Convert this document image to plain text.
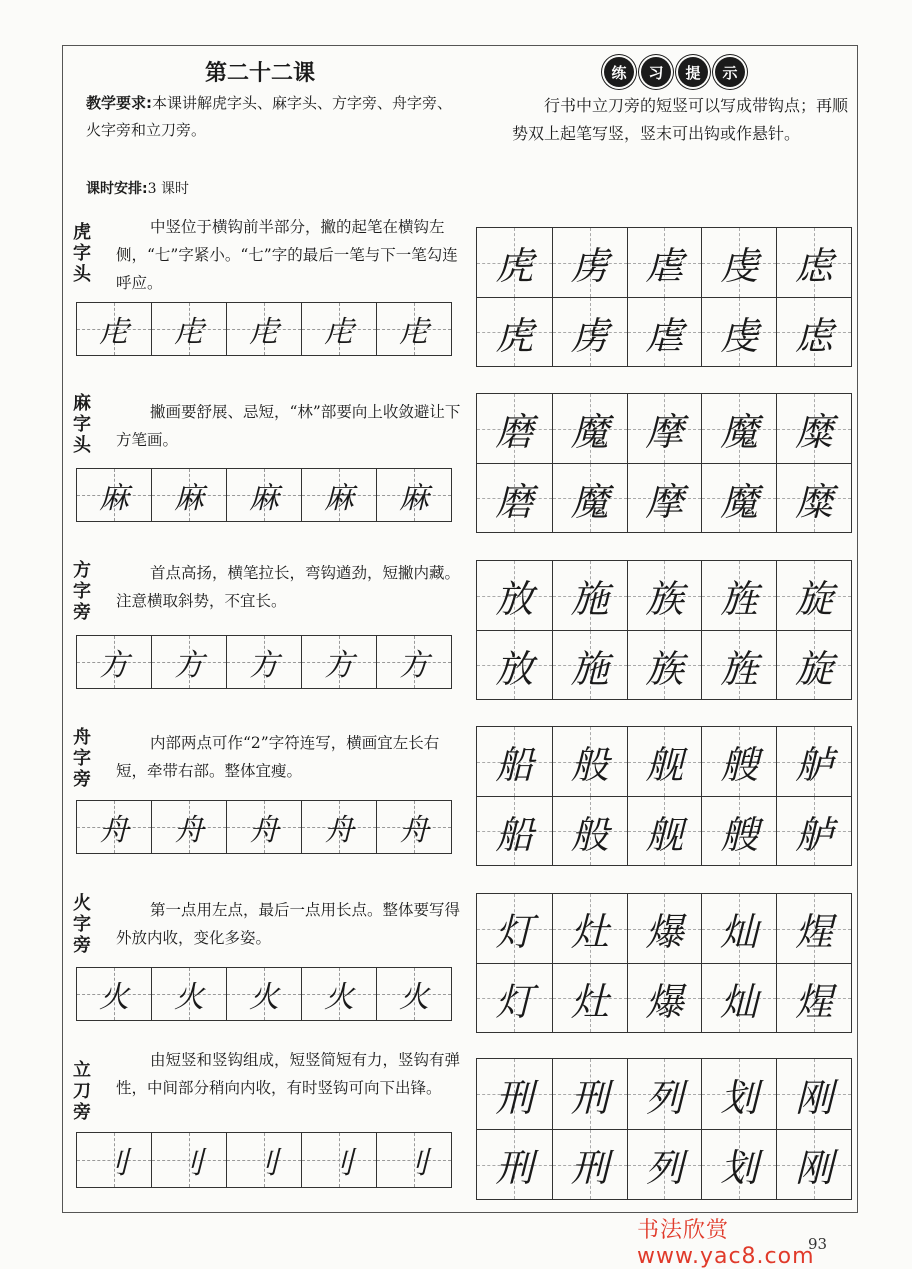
第二十二课
教学要求:本课讲解虎字头、麻字头、方字旁、舟字旁、火字旁和立刀旁。
课时安排:3 课时
练	习	提	示
行书中立刀旁的短竖可以写成带钩点；再顺势双上起笔写竖，竖末可出钩或作悬针。
虎字头
中竖位于横钩前半部分，撇的起笔在横钩左侧，“七”字紧小。“七”字的最后一笔与下一笔勾连呼应。
虍 虍 虍 虍 虍
虎 虏 虐 虔 虑
虎 虏 虐 虔 虑
麻字头
撇画要舒展、忌短，“林”部要向上收敛避让下方笔画。
麻 麻 麻 麻 麻
磨 魔 摩 魔 糜
磨 魔 摩 魔 糜
方字旁
首点高扬，横笔拉长，弯钩遒劲，短撇内藏。注意横取斜势，不宜长。
方 方 方 方 方
放 施 族 旌 旋
放 施 族 旌 旋
舟字旁
内部两点可作“2”字符连写，横画宜左长右短，牵带右部。整体宜瘦。
舟 舟 舟 舟 舟
船 般 舰 艘 舻
船 般 舰 艘 舻
火字旁
第一点用左点，最后一点用长点。整体要写得外放内收，变化多姿。
火 火 火 火 火
灯 灶 爆 灿 煋
灯 灶 爆 灿 煋
立刀旁
由短竖和竖钩组成，短竖简短有力，竖钩有弹性，中间部分稍向内收，有时竖钩可向下出锋。
刂 刂 刂 刂 刂
刑 刑 列 划 刚
刑 刑 列 划 刚
书法欣赏 www.yac8.com
93
